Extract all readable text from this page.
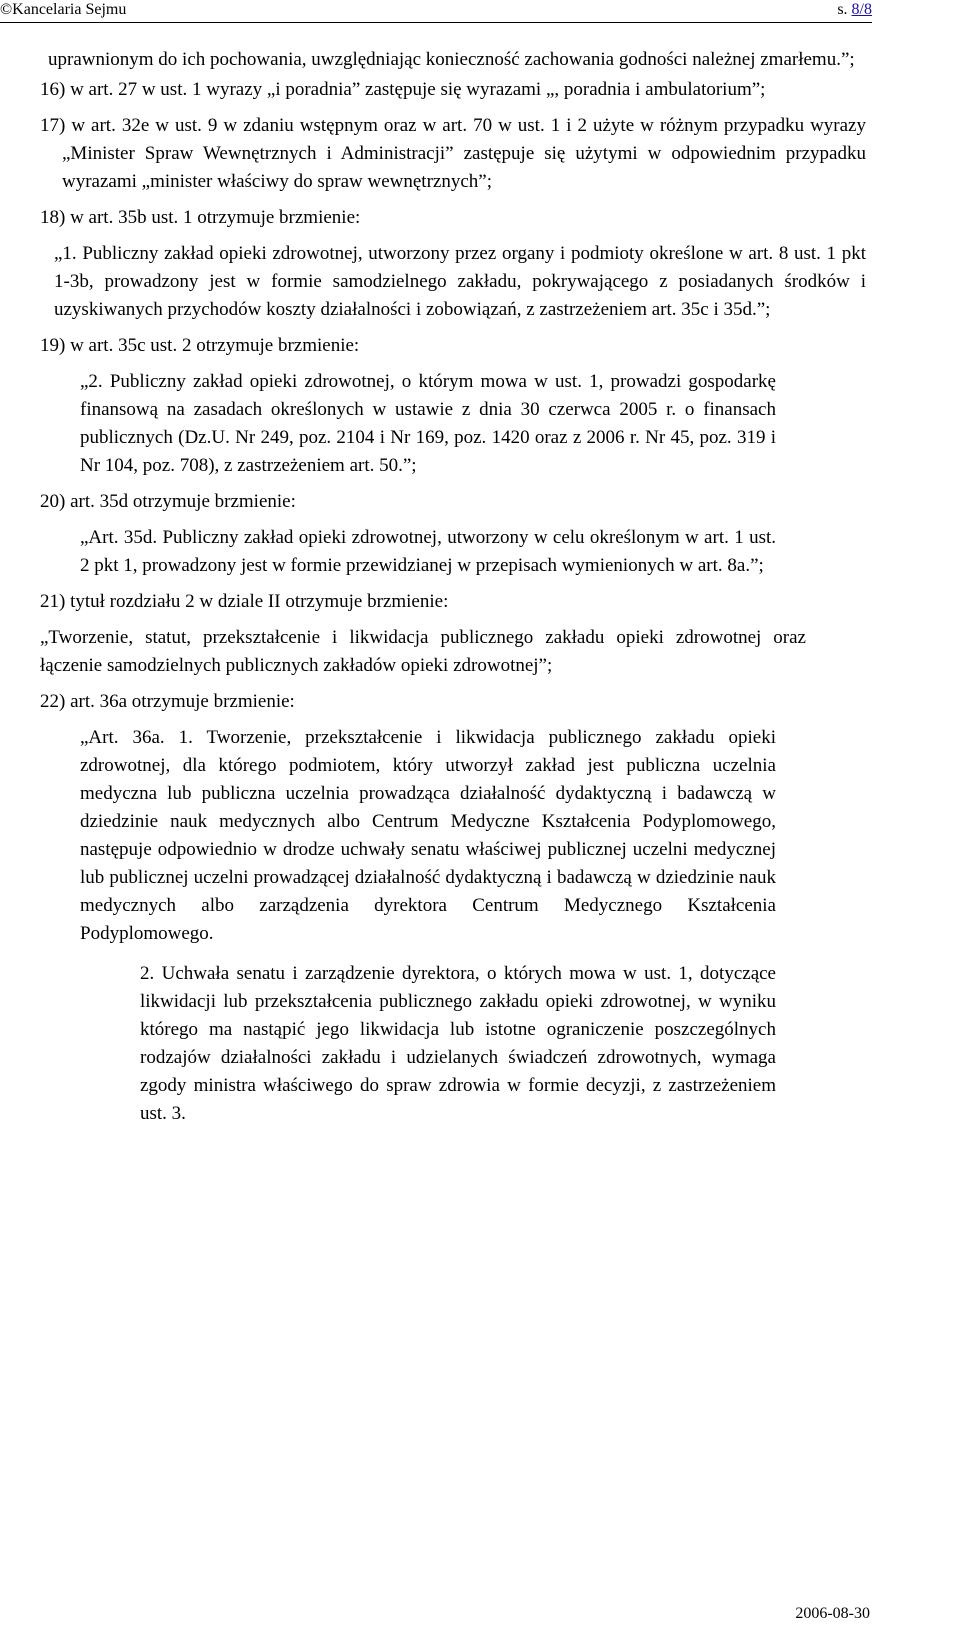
©Kancelaria Sejmu	s. 8/8

uprawnionym do ich pochowania, uwzględniając konieczność zachowania godności należnej zmarłemu.”;

16) w art. 27 w ust. 1 wyrazy „i poradnia” zastępuje się wyrazami „, poradnia i ambulatorium”;

17) w art. 32e w ust. 9 w zdaniu wstępnym oraz w art. 70 w ust. 1 i 2 użyte w różnym przypadku wyrazy „Minister Spraw Wewnętrznych i Administracji” zastępuje się użytymi w odpowiednim przypadku wyrazami „minister właściwy do spraw wewnętrznych”;

18) w art. 35b ust. 1 otrzymuje brzmienie:

„1. Publiczny zakład opieki zdrowotnej, utworzony przez organy i podmioty określone w art. 8 ust. 1 pkt 1-3b, prowadzony jest w formie samodzielnego zakładu, pokrywającego z posiadanych środków i uzyskiwanych przychodów koszty działalności i zobowiązań, z zastrzeżeniem art. 35c i 35d.”;

19) w art. 35c ust. 2 otrzymuje brzmienie:

„2. Publiczny zakład opieki zdrowotnej, o którym mowa w ust. 1, prowadzi gospodarkę finansową na zasadach określonych w ustawie z dnia 30 czerwca 2005 r. o finansach publicznych (Dz.U. Nr 249, poz. 2104 i Nr 169, poz. 1420 oraz z 2006 r. Nr 45, poz. 319 i Nr 104, poz. 708), z zastrzeżeniem art. 50.”;

20) art. 35d otrzymuje brzmienie:

„Art. 35d. Publiczny zakład opieki zdrowotnej, utworzony w celu określonym w art. 1 ust. 2 pkt 1, prowadzony jest w formie przewidzianej w przepisach wymienionych w art. 8a.”;

21) tytuł rozdziału 2 w dziale II otrzymuje brzmienie:

„Tworzenie, statut, przekształcenie i likwidacja publicznego zakładu opieki zdrowotnej oraz łączenie samodzielnych publicznych zakładów opieki zdrowotnej”;

22) art. 36a otrzymuje brzmienie:

„Art. 36a. 1. Tworzenie, przekształcenie i likwidacja publicznego zakładu opieki zdrowotnej, dla którego podmiotem, który utworzył zakład jest publiczna uczelnia medyczna lub publiczna uczelnia prowadząca działalność dydaktyczną i badawczą w dziedzinie nauk medycznych albo Centrum Medyczne Kształcenia Podyplomowego, następuje odpowiednio w drodze uchwały senatu właściwej publicznej uczelni medycznej lub publicznej uczelni prowadzącej działalność dydaktyczną i badawczą w dziedzinie nauk medycznych albo zarządzenia dyrektora Centrum Medycznego Kształcenia Podyplomowego.

2. Uchwała senatu i zarządzenie dyrektora, o których mowa w ust. 1, dotyczące likwidacji lub przekształcenia publicznego zakładu opieki zdrowotnej, w wyniku którego ma nastąpić jego likwidacja lub istotne ograniczenie poszczególnych rodzajów działalności zakładu i udzielanych świadczeń zdrowotnych, wymaga zgody ministra właściwego do spraw zdrowia w formie decyzji, z zastrzeżeniem ust. 3.

2006-08-30
